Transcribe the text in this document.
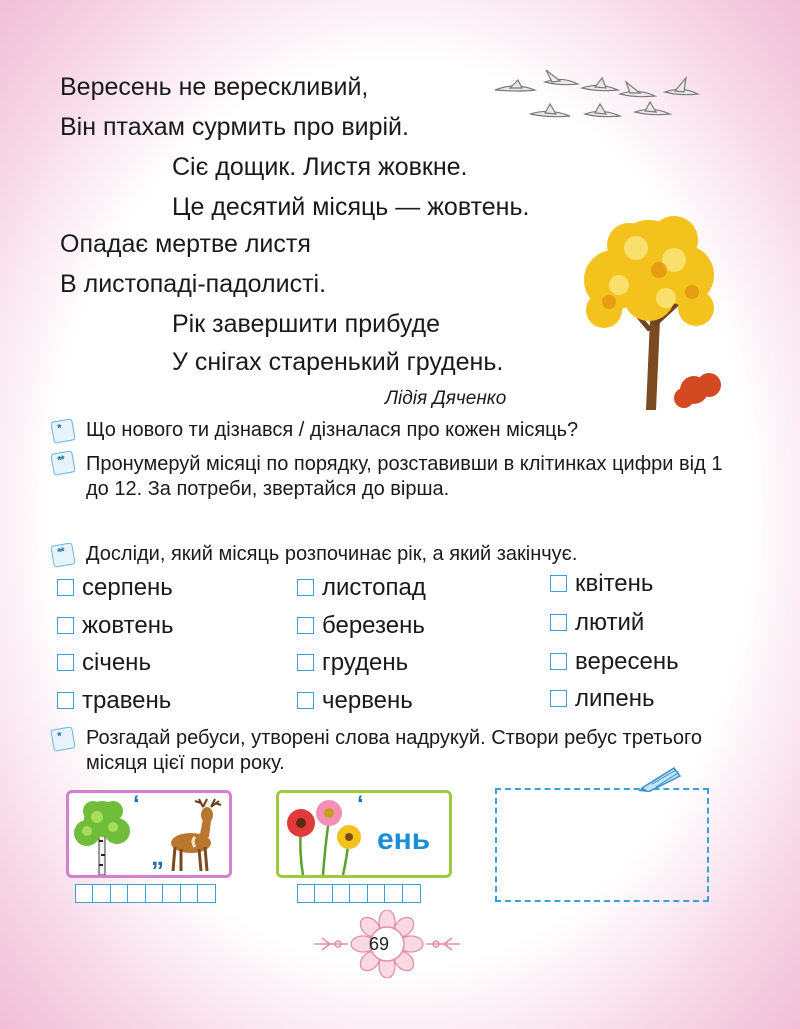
Вересень не верескливий,
Він птахам сурмить про вирій.
Сіє дощик. Листя жовкне.
Це десятий місяць — жовтень.
Опадає мертве листя
В листопаді-падолисті.
Рік завершити прибуде
У снігах старенький грудень.
Лідія Дяченко
* Що нового ти дізнався / дізналася про кожен місяць?
** Пронумеруй місяці по порядку, розставивши в клітинках цифри від 1 до 12. За потреби, звертайся до вірша.
** Досліди, який місяць розпочинає рік, а який закінчує.
серпень	листопад	квітень
жовтень	березень	лютий
січень	грудень	вересень
травень	червень	липень
* Розгадай ребуси, утворені слова надрукуй. Створи ребус третього місяця цієї пори року.
‘
„
‘
ень
69
